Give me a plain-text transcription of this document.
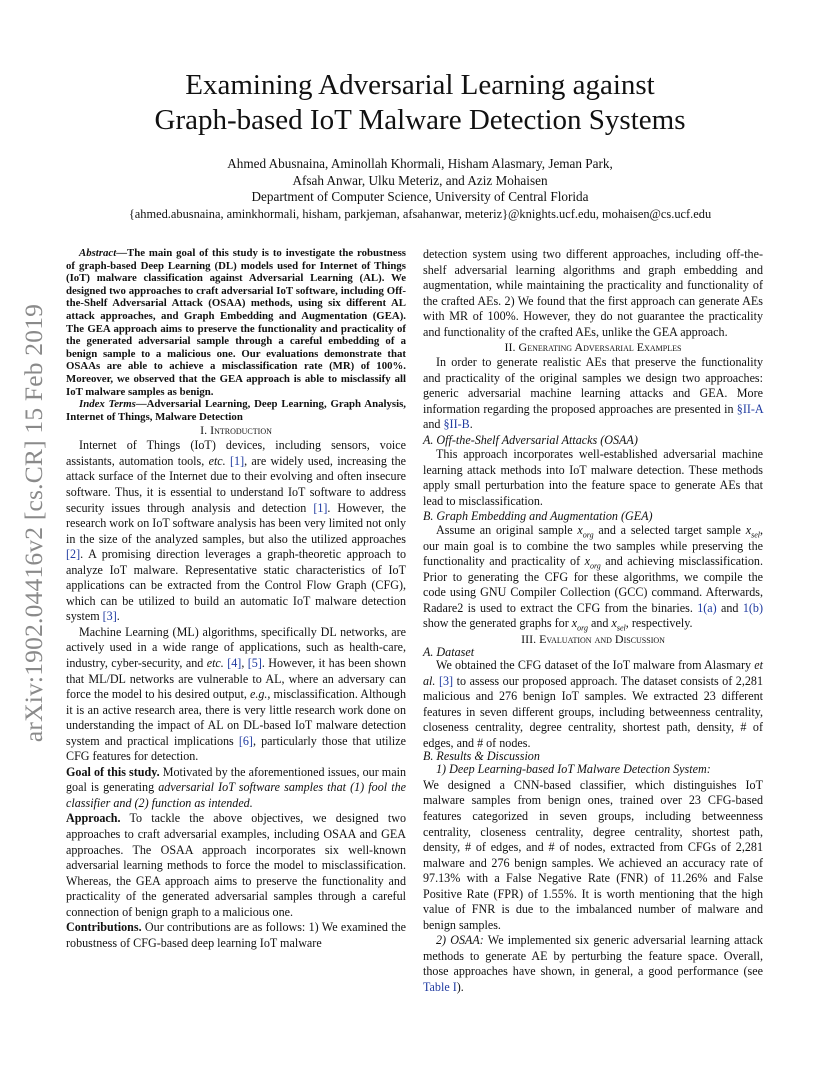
arXiv:1902.04416v2 [cs.CR] 15 Feb 2019
Examining Adversarial Learning against
Graph-based IoT Malware Detection Systems
Ahmed Abusnaina, Aminollah Khormali, Hisham Alasmary, Jeman Park,
Afsah Anwar, Ulku Meteriz, and Aziz Mohaisen
Department of Computer Science, University of Central Florida
{ahmed.abusnaina, aminkhormali, hisham, parkjeman, afsahanwar, meteriz}@knights.ucf.edu, mohaisen@cs.ucf.edu

Abstract—The main goal of this study is to investigate the robustness of graph-based Deep Learning (DL) models used for Internet of Things (IoT) malware classification against Adversarial Learning (AL). We designed two approaches to craft adversarial IoT software, including Off-the-Shelf Adversarial Attack (OSAA) methods, using six different AL attack approaches, and Graph Embedding and Augmentation (GEA). The GEA approach aims to preserve the functionality and practicality of the generated adversarial sample through a careful embedding of a benign sample to a malicious one. Our evaluations demonstrate that OSAAs are able to achieve a misclassification rate (MR) of 100%. Moreover, we observed that the GEA approach is able to misclassify all IoT malware samples as benign.

Index Terms—Adversarial Learning, Deep Learning, Graph Analysis, Internet of Things, Malware Detection

I. Introduction

Internet of Things (IoT) devices, including sensors, voice assistants, automation tools, etc. [1], are widely used, increasing the attack surface of the Internet due to their evolving and often insecure software. Thus, it is essential to understand IoT software to address security issues through analysis and detection [1]. However, the research work on IoT software analysis has been very limited not only in the size of the analyzed samples, but also the utilized approaches [2]. A promising direction leverages a graph-theoretic approach to analyze IoT malware. Representative static characteristics of IoT applications can be extracted from the Control Flow Graph (CFG), which can be utilized to build an automatic IoT malware detection system [3].

Machine Learning (ML) algorithms, specifically DL networks, are actively used in a wide range of applications, such as health-care, industry, cyber-security, and etc. [4], [5]. However, it has been shown that ML/DL networks are vulnerable to AL, where an adversary can force the model to his desired output, e.g., misclassification. Although it is an active research area, there is very little research work done on understanding the impact of AL on DL-based IoT malware detection system and practical implications [6], particularly those that utilize CFG features for detection.

Goal of this study. Motivated by the aforementioned issues, our main goal is generating adversarial IoT software samples that (1) fool the classifier and (2) function as intended.

Approach. To tackle the above objectives, we designed two approaches to craft adversarial examples, including OSAA and GEA approaches. The OSAA approach incorporates six well-known adversarial learning methods to force the model to misclassification. Whereas, the GEA approach aims to preserve the functionality and practicality of the generated adversarial samples through a careful connection of benign graph to a malicious one.

Contributions. Our contributions are as follows: 1) We examined the robustness of CFG-based deep learning IoT malware

detection system using two different approaches, including off-the-shelf adversarial learning algorithms and graph embedding and augmentation, while maintaining the practicality and functionality of the crafted AEs. 2) We found that the first approach can generate AEs with MR of 100%. However, they do not guarantee the practicality and functionality of the crafted AEs, unlike the GEA approach.

II. Generating Adversarial Examples

In order to generate realistic AEs that preserve the functionality and practicality of the original samples we design two approaches: generic adversarial machine learning attacks and GEA. More information regarding the proposed approaches are presented in §II-A and §II-B.

A. Off-the-Shelf Adversarial Attacks (OSAA)

This approach incorporates well-established adversarial machine learning attack methods into IoT malware detection. These methods apply small perturbation into the feature space to generate AEs that lead to misclassification.

B. Graph Embedding and Augmentation (GEA)

Assume an original sample $x_{org}$ and a selected target sample $x_{sel}$, our main goal is to combine the two samples while preserving the functionality and practicality of $x_{org}$ and achieving misclassification. Prior to generating the CFG for these algorithms, we compile the code using GNU Compiler Collection (GCC) command. Afterwards, Radare2 is used to extract the CFG from the binaries. 1(a) and 1(b) show the generated graphs for $x_{org}$ and $x_{sel}$, respectively.

III. Evaluation and Discussion

A. Dataset

We obtained the CFG dataset of the IoT malware from Alasmary et al. [3] to assess our proposed approach. The dataset consists of 2,281 malicious and 276 benign IoT samples. We extracted 23 different features in seven different groups, including betweenness centrality, closeness centrality, degree centrality, shortest path, density, # of edges, and # of nodes.

B. Results & Discussion

1) Deep Learning-based IoT Malware Detection System:

We designed a CNN-based classifier, which distinguishes IoT malware samples from benign ones, trained over 23 CFG-based features categorized in seven groups, including betweenness centrality, closeness centrality, degree centrality, shortest path, density, # of edges, and # of nodes, extracted from CFGs of 2,281 malware and 276 benign samples. We achieved an accuracy rate of 97.13% with a False Negative Rate (FNR) of 11.26% and False Positive Rate (FPR) of 1.55%. It is worth mentioning that the high value of FNR is due to the imbalanced number of malware and benign samples.

2) OSAA: We implemented six generic adversarial learning attack methods to generate AE by perturbing the feature space. Overall, those approaches have shown, in general, a good performance (see Table I).
